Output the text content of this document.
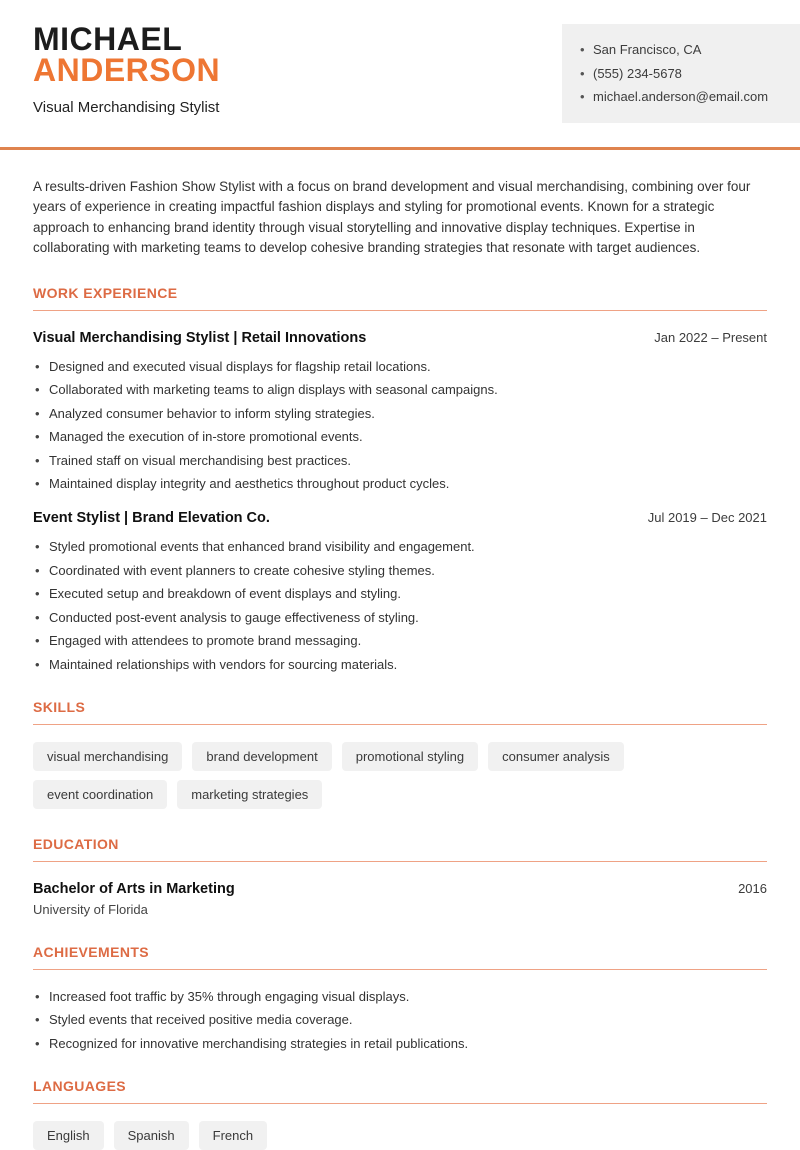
MICHAEL
ANDERSON
Visual Merchandising Stylist
• San Francisco, CA
• (555) 234-5678
• michael.anderson@email.com

A results-driven Fashion Show Stylist with a focus on brand development and visual merchandising, combining over four years of experience in creating impactful fashion displays and styling for promotional events. Known for a strategic approach to enhancing brand identity through visual storytelling and innovative display techniques. Expertise in collaborating with marketing teams to develop cohesive branding strategies that resonate with target audiences.

WORK EXPERIENCE
Visual Merchandising Stylist | Retail Innovations	Jan 2022 – Present
• Designed and executed visual displays for flagship retail locations.
• Collaborated with marketing teams to align displays with seasonal campaigns.
• Analyzed consumer behavior to inform styling strategies.
• Managed the execution of in-store promotional events.
• Trained staff on visual merchandising best practices.
• Maintained display integrity and aesthetics throughout product cycles.
Event Stylist | Brand Elevation Co.	Jul 2019 – Dec 2021
• Styled promotional events that enhanced brand visibility and engagement.
• Coordinated with event planners to create cohesive styling themes.
• Executed setup and breakdown of event displays and styling.
• Conducted post-event analysis to gauge effectiveness of styling.
• Engaged with attendees to promote brand messaging.
• Maintained relationships with vendors for sourcing materials.
SKILLS
visual merchandising	brand development	promotional styling	consumer analysis
event coordination	marketing strategies
EDUCATION
Bachelor of Arts in Marketing	2016
University of Florida
ACHIEVEMENTS
• Increased foot traffic by 35% through engaging visual displays.
• Styled events that received positive media coverage.
• Recognized for innovative merchandising strategies in retail publications.
LANGUAGES
English	Spanish	French
